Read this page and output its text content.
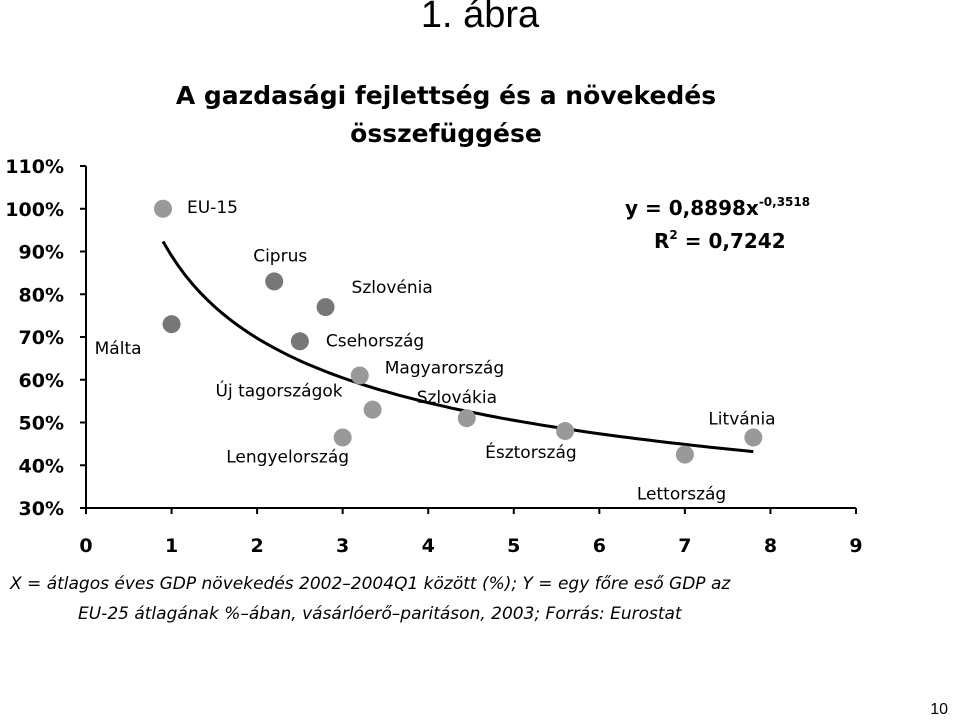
1. ábra
A gazdasági fejlettség és a növekedés
összefüggése
30%
40%
50%
60%
70%
80%
90%
100%
110%
0	1	2	3	4	5	6	7	8	9
EU-15
Málta
Ciprus
Szlovénia
Csehország
Magyarország
Új tagországok
Lengyelország
Szlovákia
Észtország
Lettország
Litvánia
$y = 0,8898x^{-0,3518}$
$R^2 = 0,7242$
X = átlagos éves GDP növekedés 2002–2004Q1 között (%); Y = egy főre eső GDP az
EU-25 átlagának %–ában, vásárlóerő–paritáson, 2003; Forrás: Eurostat
10
